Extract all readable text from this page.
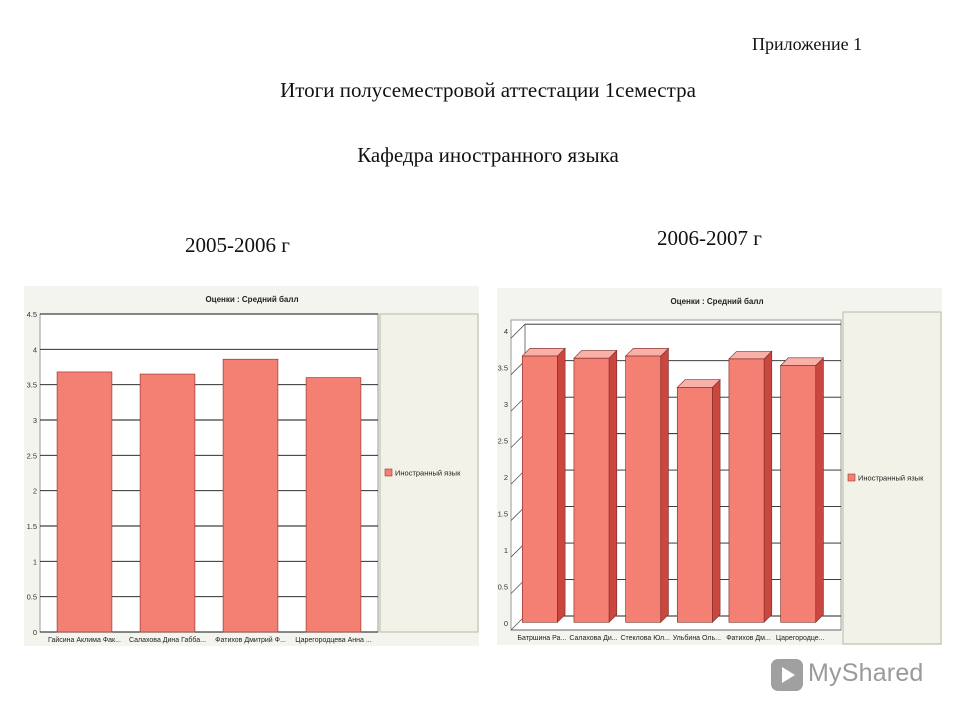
Приложение 1
Итоги полусеместровой аттестации 1семестра
Кафедра иностранного языка
2005-2006 г	2006-2007 г
Оценки : Средний балл
0
0.5
1
1.5
2
2.5
3
3.5
4
4.5
Гайсина Аклима Фак... Салахова Дина Габба... Фатихов Дмитрий Ф... Царегородцева Анна ...
Иностранный язык
Оценки : Средний балл
0
0.5
1
1.5
2
2.5
3
3.5
4
Батршина Ра... Салахова Ди... Стеклова Юл... Ульбина Оль... Фатихов Дм... Царегородце...
Иностранный язык
MyShared
